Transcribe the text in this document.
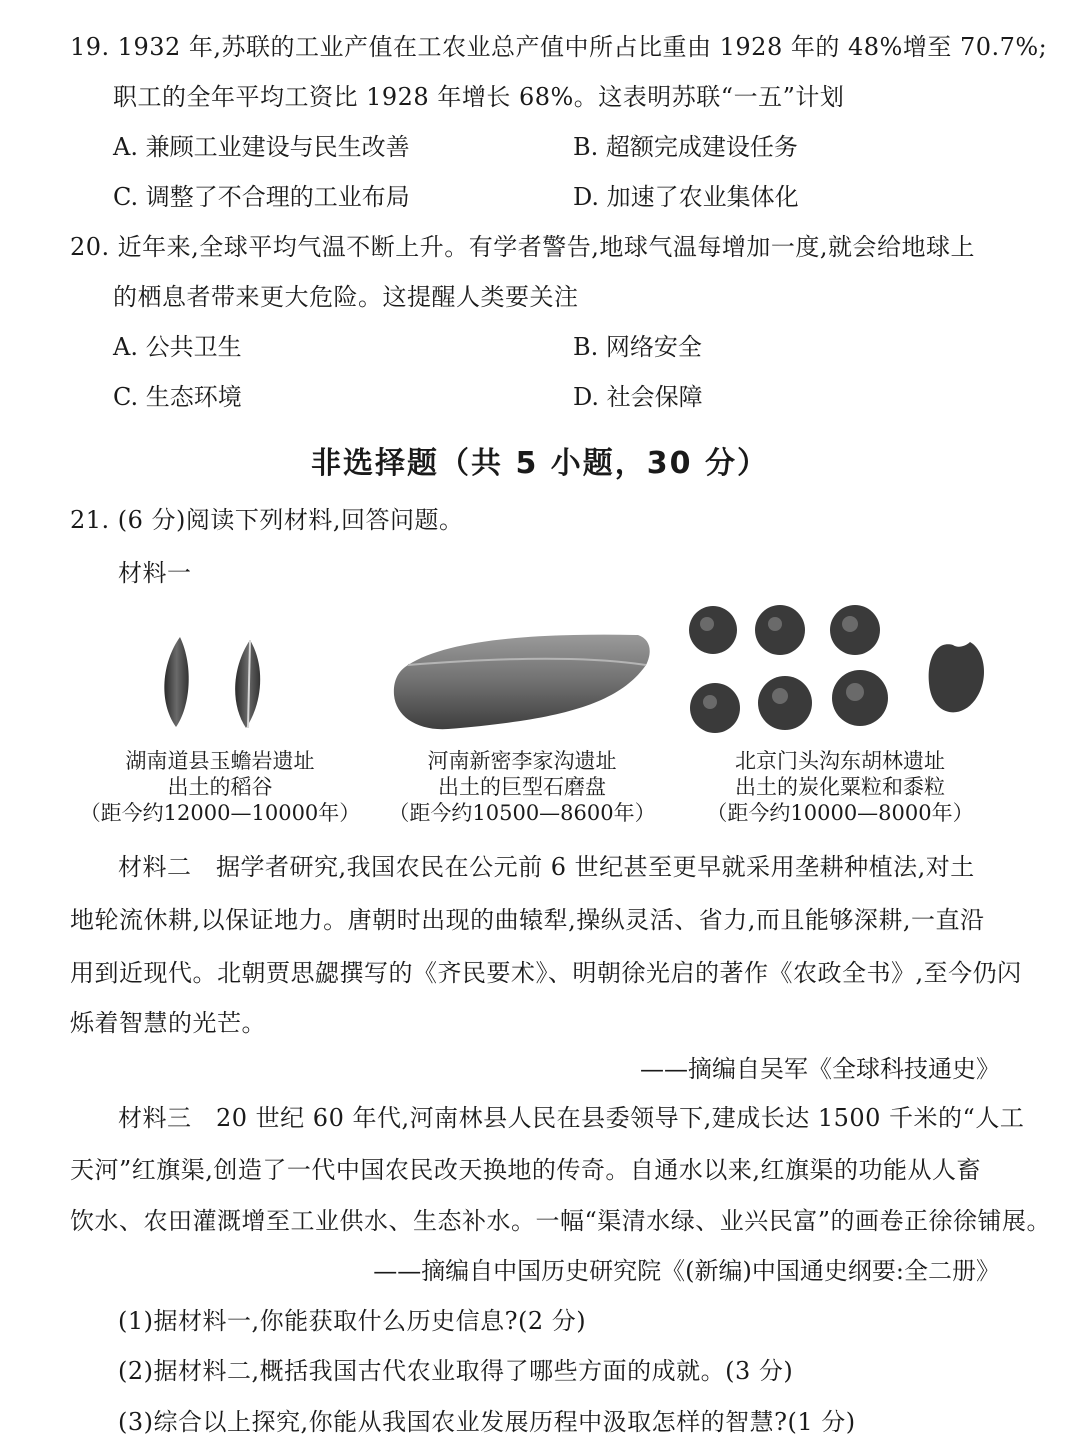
19. 1932 年,苏联的工业产值在工农业总产值中所占比重由 1928 年的 48%增至 70.7%;
职工的全年平均工资比 1928 年增长 68%。这表明苏联“一五”计划
A. 兼顾工业建设与民生改善	B. 超额完成建设任务
C. 调整了不合理的工业布局	D. 加速了农业集体化
20. 近年来,全球平均气温不断上升。有学者警告,地球气温每增加一度,就会给地球上
的栖息者带来更大危险。这提醒人类要关注
A. 公共卫生	B. 网络安全
C. 生态环境	D. 社会保障
非选择题（共 5 小题，30 分）
21. (6 分)阅读下列材料,回答问题。
材料一
湖南道县玉蟾岩遗址
出土的稻谷
（距今约12000—10000年）
河南新密李家沟遗址
出土的巨型石磨盘
（距今约10500—8600年）
北京门头沟东胡林遗址
出土的炭化粟粒和黍粒
（距今约10000—8000年）
材料二　据学者研究,我国农民在公元前 6 世纪甚至更早就采用垄耕种植法,对土
地轮流休耕,以保证地力。唐朝时出现的曲辕犁,操纵灵活、省力,而且能够深耕,一直沿
用到近现代。北朝贾思勰撰写的《齐民要术》、明朝徐光启的著作《农政全书》,至今仍闪
烁着智慧的光芒。
——摘编自吴军《全球科技通史》
材料三　20 世纪 60 年代,河南林县人民在县委领导下,建成长达 1500 千米的“人工
天河”红旗渠,创造了一代中国农民改天换地的传奇。自通水以来,红旗渠的功能从人畜
饮水、农田灌溉增至工业供水、生态补水。一幅“渠清水绿、业兴民富”的画卷正徐徐铺展。
——摘编自中国历史研究院《(新编)中国通史纲要:全二册》
(1)据材料一,你能获取什么历史信息?(2 分)
(2)据材料二,概括我国古代农业取得了哪些方面的成就。(3 分)
(3)综合以上探究,你能从我国农业发展历程中汲取怎样的智慧?(1 分)
